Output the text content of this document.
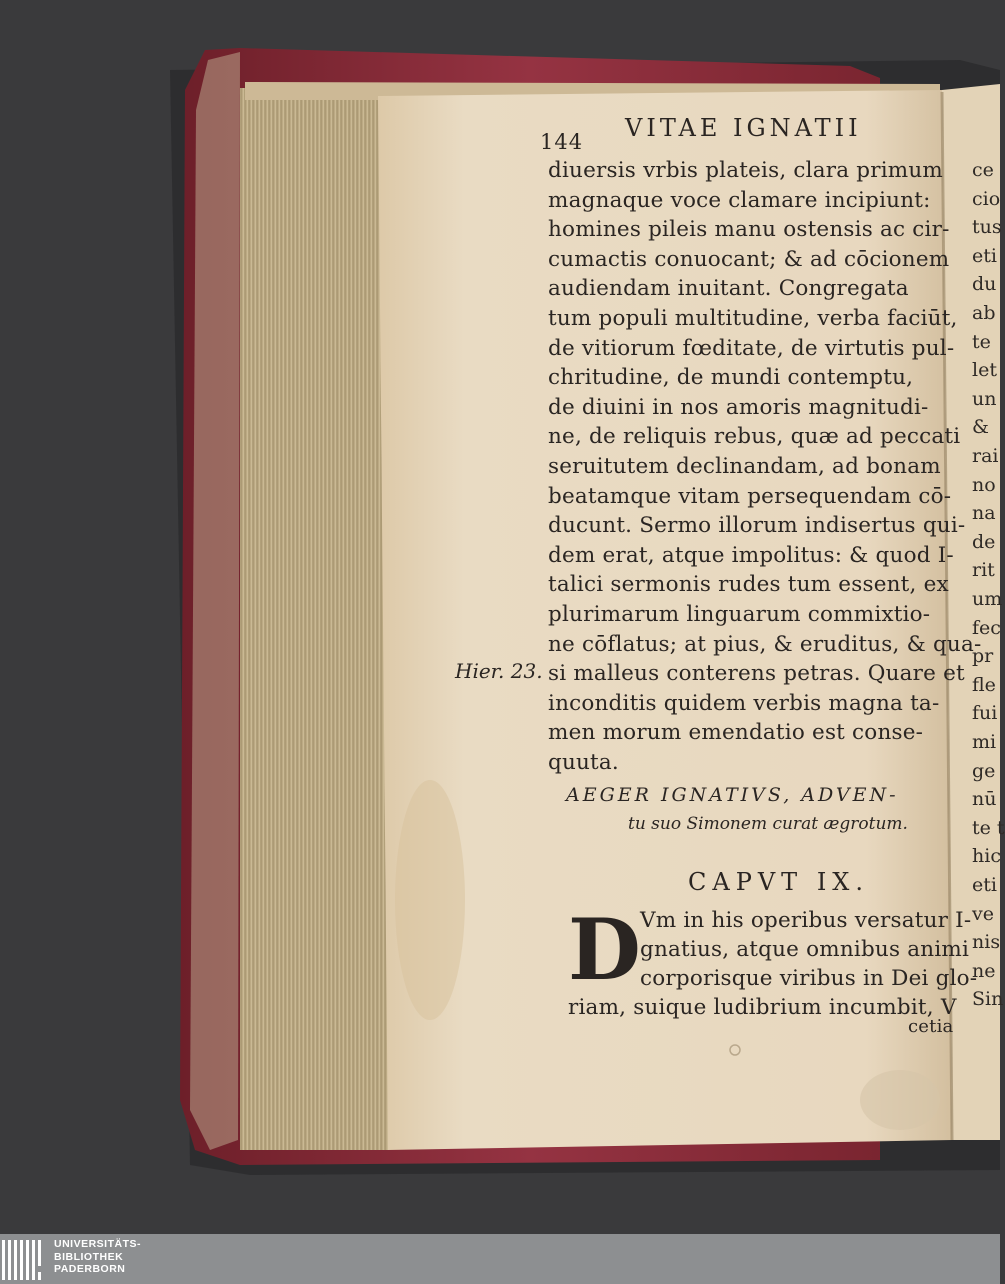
144 VITAE IGNATII
diuersis vrbis plateis, clara primum
magnaque voce clamare incipiunt:
homines pileis manu ostensis ac cir-
cumactis conuocant; & ad cōcionem
audiendam inuitant. Congregata
tum populi multitudine, verba faciūt,
de vitiorum fœditate, de virtutis pul-
chritudine, de mundi contemptu,
de diuini in nos amoris magnitudi-
ne, de reliquis rebus, quæ ad peccati
seruitutem declinandam, ad bonam
beatamque vitam persequendam cō-
ducunt. Sermo illorum indisertus qui-
dem erat, atque impolitus: & quod I-
talici sermonis rudes tum essent, ex
plurimarum linguarum commixtio-
ne cōflatus; at pius, & eruditus, & qua-
si malleus conterens petras. Quare et
inconditis quidem verbis magna ta-
men morum emendatio est conse-
quuta.
Hier. 23.
AEGER IGNATIVS, ADVEN-
tu suo Simonem curat ægrotum.
CAPVT IX.
D Vm in his operibus versatur I-
gnatius, atque omnibus animi
corporisque viribus in Dei glo-
riam, suique ludibrium incumbit, V
cetia
ce
cio
tus
eti
du
ab
te
let
un
&
rai
no
na
de
rit
um
fec
pr
fle
fui
mi
ge
nū
te t
hic
eti
ve
nis
ne
Sin
UNIVERSITÄTS-
BIBLIOTHEK
PADERBORN
